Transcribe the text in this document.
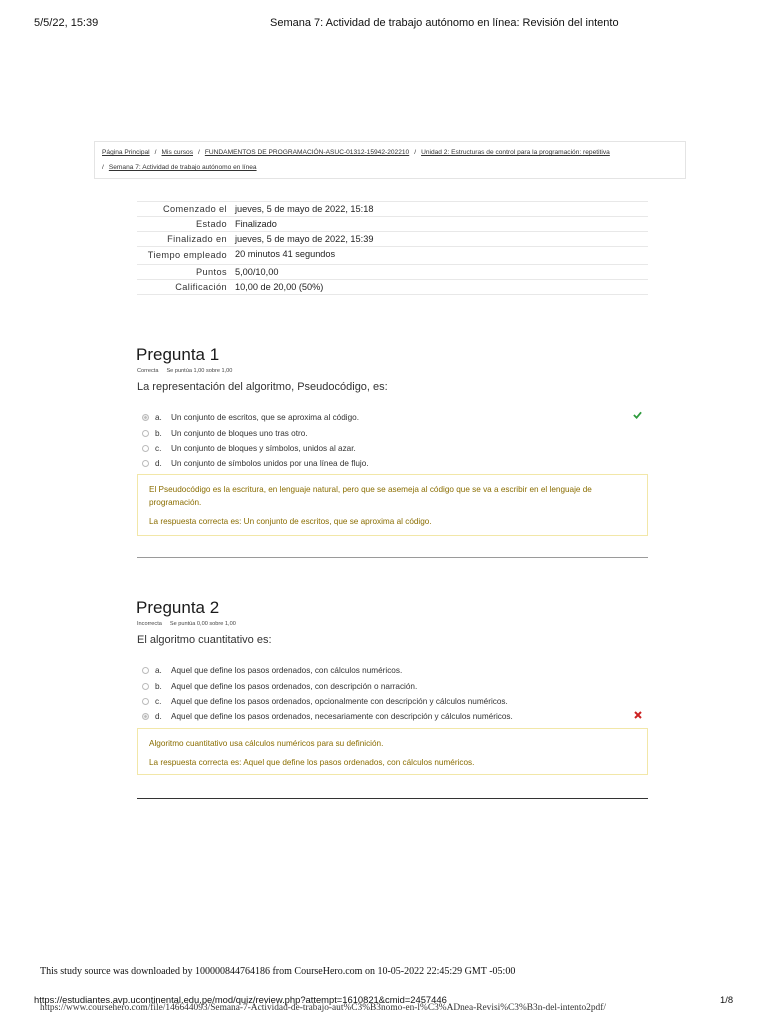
5/5/22, 15:39	Semana 7: Actividad de trabajo autónomo en línea: Revisión del intento
Página Principal / Mis cursos / FUNDAMENTOS DE PROGRAMACIÓN-ASUC-01312-15942-202210 / Unidad 2: Estructuras de control para la programación: repetitiva
/ Semana 7: Actividad de trabajo autónomo en línea
Comenzado el jueves, 5 de mayo de 2022, 15:18
Estado Finalizado
Finalizado en jueves, 5 de mayo de 2022, 15:39
Tiempo empleado 20 minutos 41 segundos
Puntos 5,00/10,00
Calificación 10,00 de 20,00 (50%)
Pregunta 1
Correcta Se puntúa 1,00 sobre 1,00
La representación del algoritmo, Pseudocódigo, es:
a.	Un conjunto de escritos, que se aproxima al código.
b.	Un conjunto de bloques uno tras otro.
c.	Un conjunto de bloques y símbolos, unidos al azar.
d.	Un conjunto de símbolos unidos por una línea de flujo.

El Pseudocódigo es la escritura, en lenguaje natural, pero que se asemeja al código que se va a escribir en el lenguaje de programación.

La respuesta correcta es: Un conjunto de escritos, que se aproxima al código.

Pregunta 2
Incorrecta Se puntúa 0,00 sobre 1,00
El algoritmo cuantitativo es:
a.	Aquel que define los pasos ordenados, con cálculos numéricos.
b.	Aquel que define los pasos ordenados, con descripción o narración.
c.	Aquel que define los pasos ordenados, opcionalmente con descripción y cálculos numéricos.
d.	Aquel que define los pasos ordenados, necesariamente con descripción y cálculos numéricos.

Algoritmo cuantitativo usa cálculos numéricos para su definición.

La respuesta correcta es: Aquel que define los pasos ordenados, con cálculos numéricos.

This study source was downloaded by 100000844764186 from CourseHero.com on 10-05-2022 22:45:29 GMT -05:00
https://estudiantes.avp.ucontinental.edu.pe/mod/quiz/review.php?attempt=1610821&cmid=2457446	1/8
https://www.coursehero.com/file/146644093/Semana-7-Actividad-de-trabajo-aut%C3%B3nomo-en-l%C3%ADnea-Revisi%C3%B3n-del-intento2pdf/
